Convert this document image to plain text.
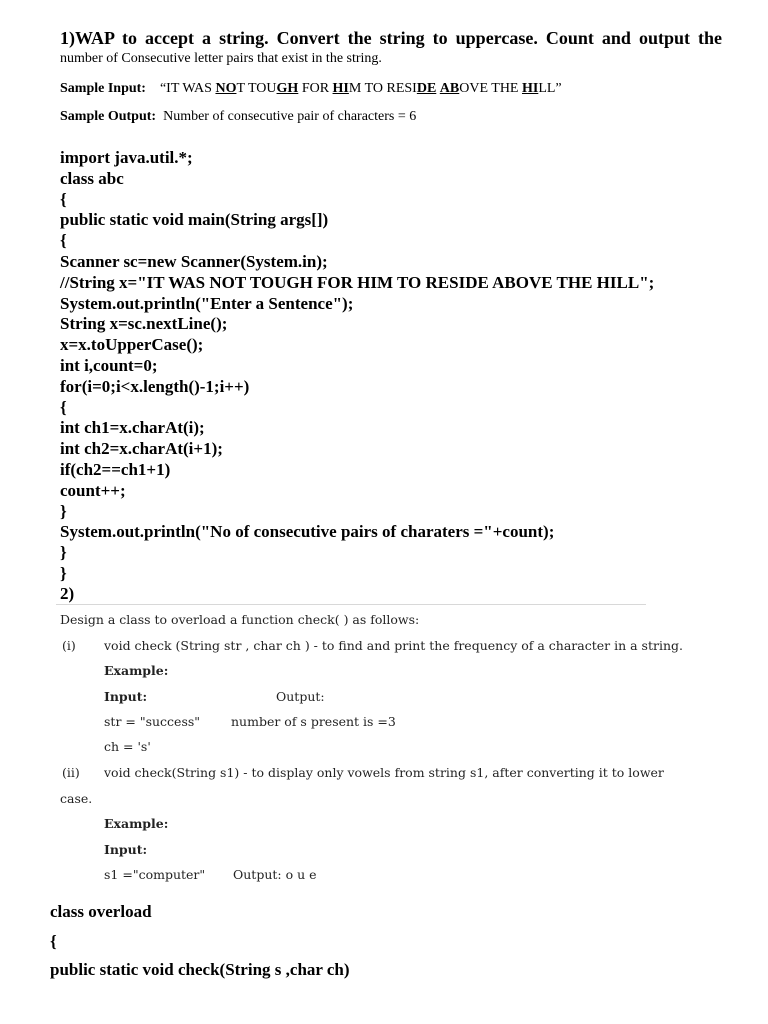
1)WAP to accept a string. Convert the string to uppercase. Count and output the
number of Consecutive letter pairs that exist in the string.
Sample Input: “IT WAS NOT TOUGH FOR HIM TO RESIDE ABOVE THE HILL”
Sample Output: Number of consecutive pair of characters = 6
import java.util.*;
class abc
{
public static void main(String args[])
{
Scanner sc=new Scanner(System.in);
//String x="IT WAS NOT TOUGH FOR HIM TO RESIDE ABOVE THE HILL";
System.out.println("Enter a Sentence");
String x=sc.nextLine();
x=x.toUpperCase();
int i,count=0;
for(i=0;i<x.length()-1;i++)
{
int ch1=x.charAt(i);
int ch2=x.charAt(i+1);
if(ch2==ch1+1)
count++;
}
System.out.println("No of consecutive pairs of charaters ="+count);
}
}
2)
Design a class to overload a function check( ) as follows:
(i) void check (String str , char ch ) - to find and print the frequency of a character in a string.
Example:
Input:	Output:
str = "success" number of s present is =3
ch = 's'
(ii) void check(String s1) - to display only vowels from string s1, after converting it to lower
case.
Example:
Input:
s1 ="computer" Output: o u e
class overload
{
public static void check(String s ,char ch)
